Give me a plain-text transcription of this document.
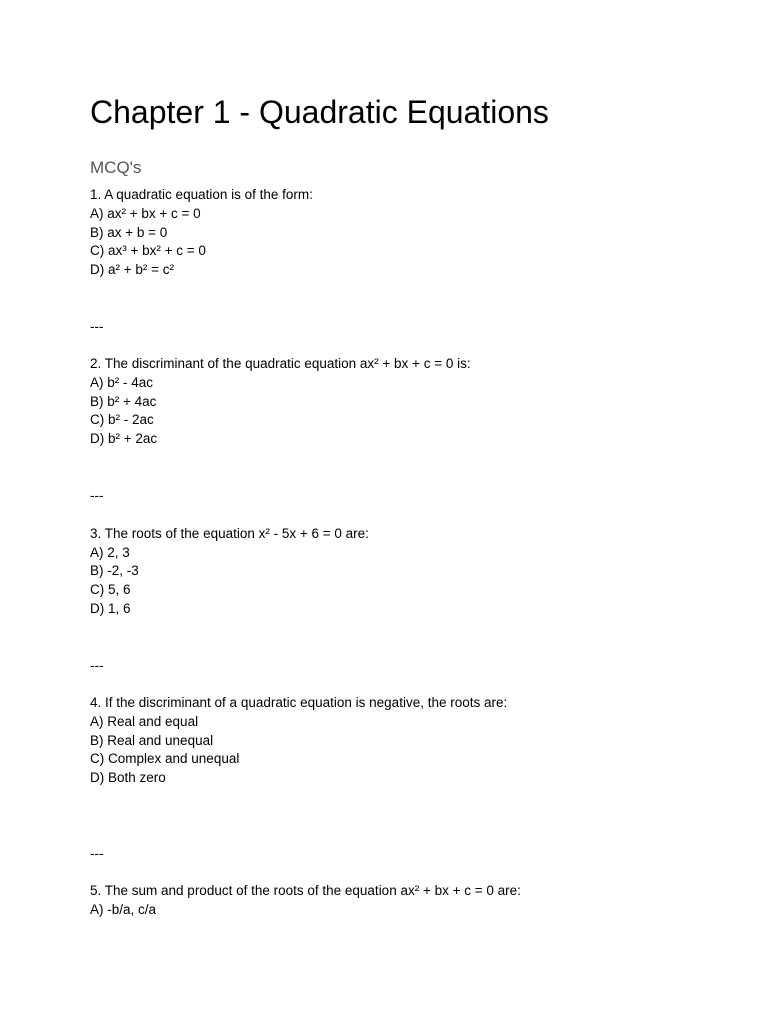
Chapter 1 - Quadratic Equations
MCQ's
1. A quadratic equation is of the form:
A) ax² + bx + c = 0
B) ax + b = 0
C) ax³ + bx² + c = 0
D) a² + b² = c²
---
2. The discriminant of the quadratic equation ax² + bx + c = 0 is:
A) b² - 4ac
B) b² + 4ac
C) b² - 2ac
D) b² + 2ac
---
3. The roots of the equation x² - 5x + 6 = 0 are:
A) 2, 3
B) -2, -3
C) 5, 6
D) 1, 6
---
4. If the discriminant of a quadratic equation is negative, the roots are:
A) Real and equal
B) Real and unequal
C) Complex and unequal
D) Both zero
---
5. The sum and product of the roots of the equation ax² + bx + c = 0 are:
A) -b/a, c/a
